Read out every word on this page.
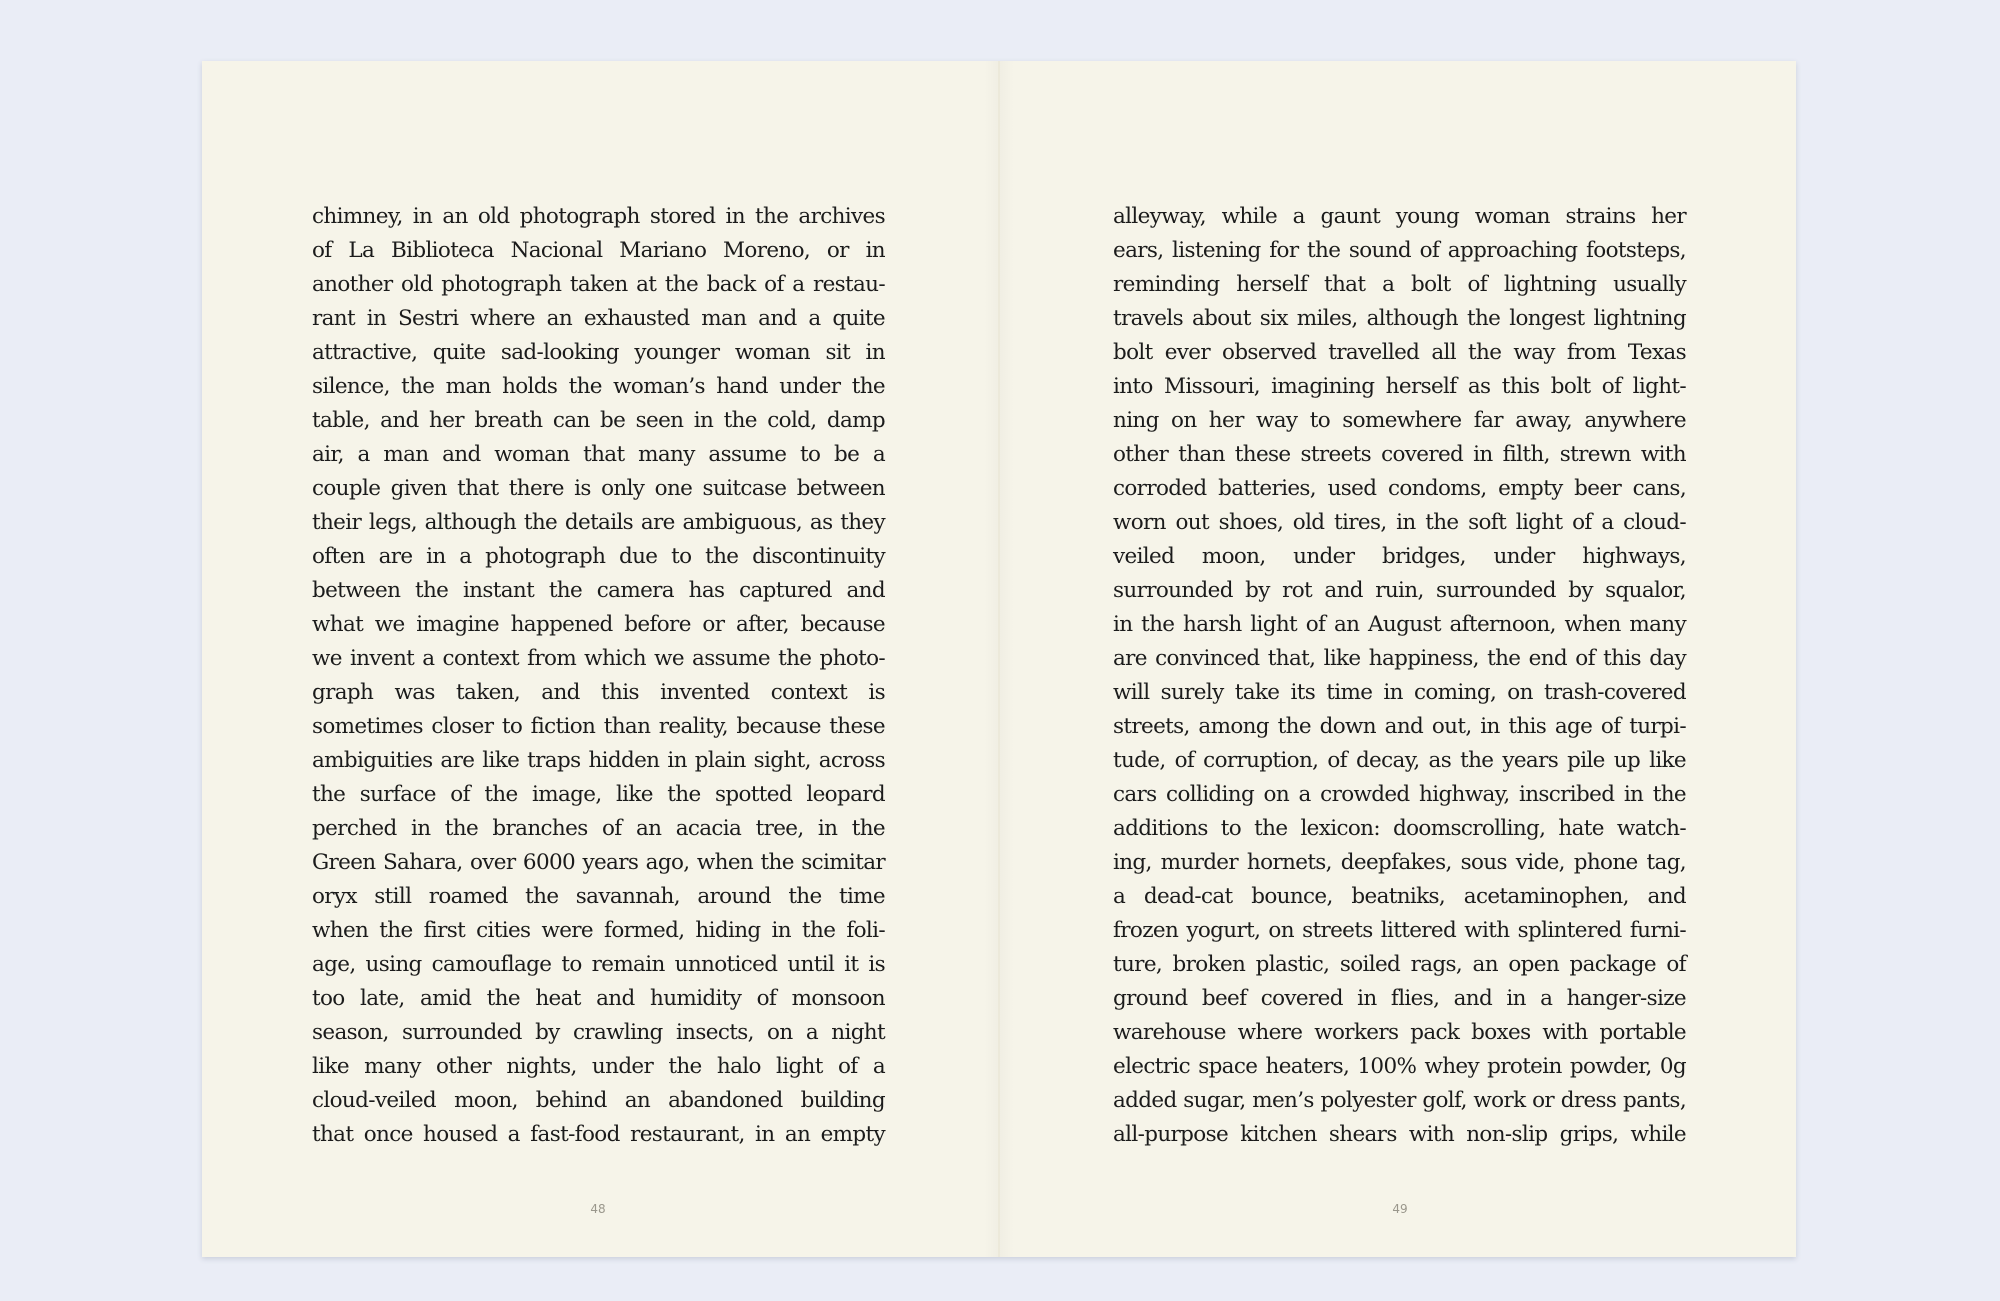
chimney, in an old photograph stored in the archives
of La Biblioteca Nacional Mariano Moreno, or in
another old photograph taken at the back of a restau-
rant in Sestri where an exhausted man and a quite
attractive, quite sad-looking younger woman sit in
silence, the man holds the woman’s hand under the
table, and her breath can be seen in the cold, damp
air, a man and woman that many assume to be a
couple given that there is only one suitcase between
their legs, although the details are ambiguous, as they
often are in a photograph due to the discontinuity
between the instant the camera has captured and
what we imagine happened before or after, because
we invent a context from which we assume the photo-
graph was taken, and this invented context is
sometimes closer to fiction than reality, because these
ambiguities are like traps hidden in plain sight, across
the surface of the image, like the spotted leopard
perched in the branches of an acacia tree, in the
Green Sahara, over 6000 years ago, when the scimitar
oryx still roamed the savannah, around the time
when the first cities were formed, hiding in the foli-
age, using camouflage to remain unnoticed until it is
too late, amid the heat and humidity of monsoon
season, surrounded by crawling insects, on a night
like many other nights, under the halo light of a
cloud-veiled moon, behind an abandoned building
that once housed a fast-food restaurant, in an empty
48
alleyway, while a gaunt young woman strains her
ears, listening for the sound of approaching footsteps,
reminding herself that a bolt of lightning usually
travels about six miles, although the longest lightning
bolt ever observed travelled all the way from Texas
into Missouri, imagining herself as this bolt of light-
ning on her way to somewhere far away, anywhere
other than these streets covered in filth, strewn with
corroded batteries, used condoms, empty beer cans,
worn out shoes, old tires, in the soft light of a cloud-
veiled moon, under bridges, under highways,
surrounded by rot and ruin, surrounded by squalor,
in the harsh light of an August afternoon, when many
are convinced that, like happiness, the end of this day
will surely take its time in coming, on trash-covered
streets, among the down and out, in this age of turpi-
tude, of corruption, of decay, as the years pile up like
cars colliding on a crowded highway, inscribed in the
additions to the lexicon: doomscrolling, hate watch-
ing, murder hornets, deepfakes, sous vide, phone tag,
a dead-cat bounce, beatniks, acetaminophen, and
frozen yogurt, on streets littered with splintered furni-
ture, broken plastic, soiled rags, an open package of
ground beef covered in flies, and in a hanger-size
warehouse where workers pack boxes with portable
electric space heaters, 100% whey protein powder, 0g
added sugar, men’s polyester golf, work or dress pants,
all-purpose kitchen shears with non-slip grips, while
49
